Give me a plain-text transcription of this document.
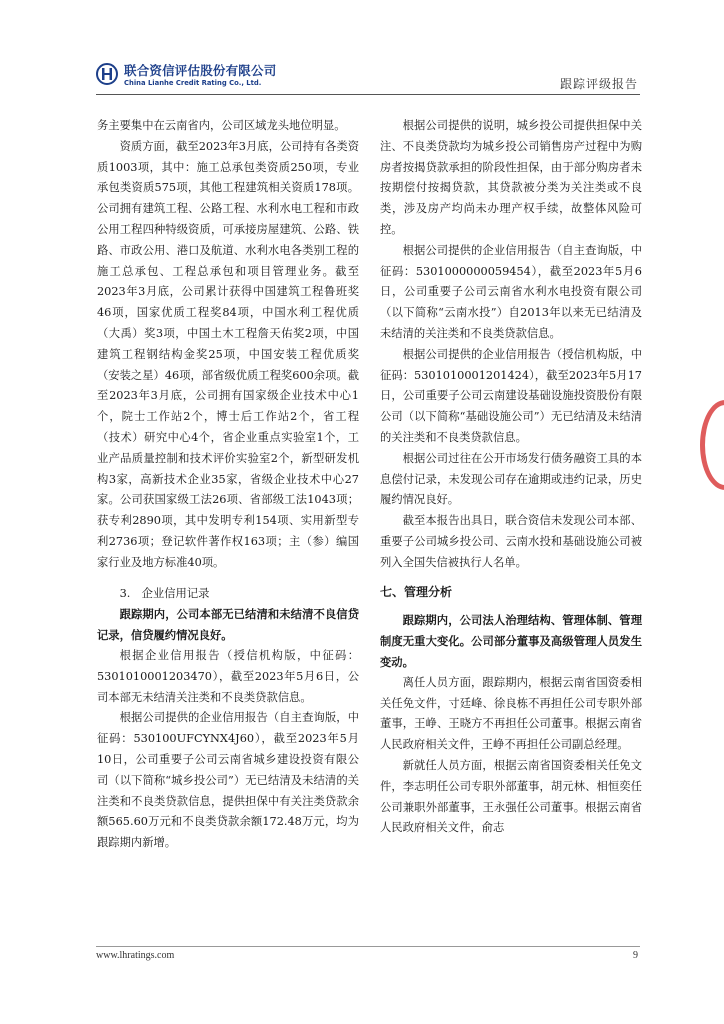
联合资信评估股份有限公司
China Lianhe Credit Rating Co., Ltd.	跟踪评级报告

务主要集中在云南省内，公司区域龙头地位明显。

资质方面，截至2023年3月底，公司持有各类资质1003项，其中：施工总承包类资质250项，专业承包类资质575项，其他工程建筑相关资质178项。公司拥有建筑工程、公路工程、水利水电工程和市政公用工程四种特级资质，可承接房屋建筑、公路、铁路、市政公用、港口及航道、水利水电各类别工程的施工总承包、工程总承包和项目管理业务。截至2023年3月底，公司累计获得中国建筑工程鲁班奖46项，国家优质工程奖84项，中国水利工程优质（大禹）奖3项，中国土木工程詹天佑奖2项，中国建筑工程钢结构金奖25项，中国安装工程优质奖（安装之星）46项，部省级优质工程奖600余项。截至2023年3月底，公司拥有国家级企业技术中心1个，院士工作站2个，博士后工作站2个，省工程（技术）研究中心4个，省企业重点实验室1个，工业产品质量控制和技术评价实验室2个，新型研发机构3家，高新技术企业35家，省级企业技术中心27家。公司获国家级工法26项、省部级工法1043项；获专利2890项，其中发明专利154项、实用新型专利2736项；登记软件著作权163项；主（参）编国家行业及地方标准40项。

3.　企业信用记录

跟踪期内，公司本部无已结清和未结清不良信贷记录，信贷履约情况良好。

根据企业信用报告（授信机构版，中征码：5301010001203470），截至2023年5月6日，公司本部无未结清关注类和不良类贷款信息。

根据公司提供的企业信用报告（自主查询版，中征码：530100UFCYNX4J60），截至2023年5月10日，公司重要子公司云南省城乡建设投资有限公司（以下简称“城乡投公司”）无已结清及未结清的关注类和不良类贷款信息，提供担保中有关注类贷款余额565.60万元和不良类贷款余额172.48万元，均为跟踪期内新增。

根据公司提供的说明，城乡投公司提供担保中关注、不良类贷款均为城乡投公司销售房产过程中为购房者按揭贷款承担的阶段性担保，由于部分购房者未按期偿付按揭贷款，其贷款被分类为关注类或不良类，涉及房产均尚未办理产权手续，故整体风险可控。

根据公司提供的企业信用报告（自主查询版，中征码：5301000000059454），截至2023年5月6日，公司重要子公司云南省水利水电投资有限公司（以下简称“云南水投”）自2013年以来无已结清及未结清的关注类和不良类贷款信息。

根据公司提供的企业信用报告（授信机构版，中征码：5301010001201424），截至2023年5月17日，公司重要子公司云南建设基础设施投资股份有限公司（以下简称“基础设施公司”）无已结清及未结清的关注类和不良类贷款信息。

根据公司过往在公开市场发行债务融资工具的本息偿付记录，未发现公司存在逾期或违约记录，历史履约情况良好。

截至本报告出具日，联合资信未发现公司本部、重要子公司城乡投公司、云南水投和基础设施公司被列入全国失信被执行人名单。

七、管理分析

跟踪期内，公司法人治理结构、管理体制、管理制度无重大变化。公司部分董事及高级管理人员发生变动。

离任人员方面，跟踪期内，根据云南省国资委相关任免文件，寸廷峰、徐良栋不再担任公司专职外部董事，王峥、王晓方不再担任公司董事。根据云南省人民政府相关文件，王峥不再担任公司副总经理。

新就任人员方面，根据云南省国资委相关任免文件，李志明任公司专职外部董事，胡元林、相恒奕任公司兼职外部董事，王永强任公司董事。根据云南省人民政府相关文件，俞志

www.lhratings.com	9
